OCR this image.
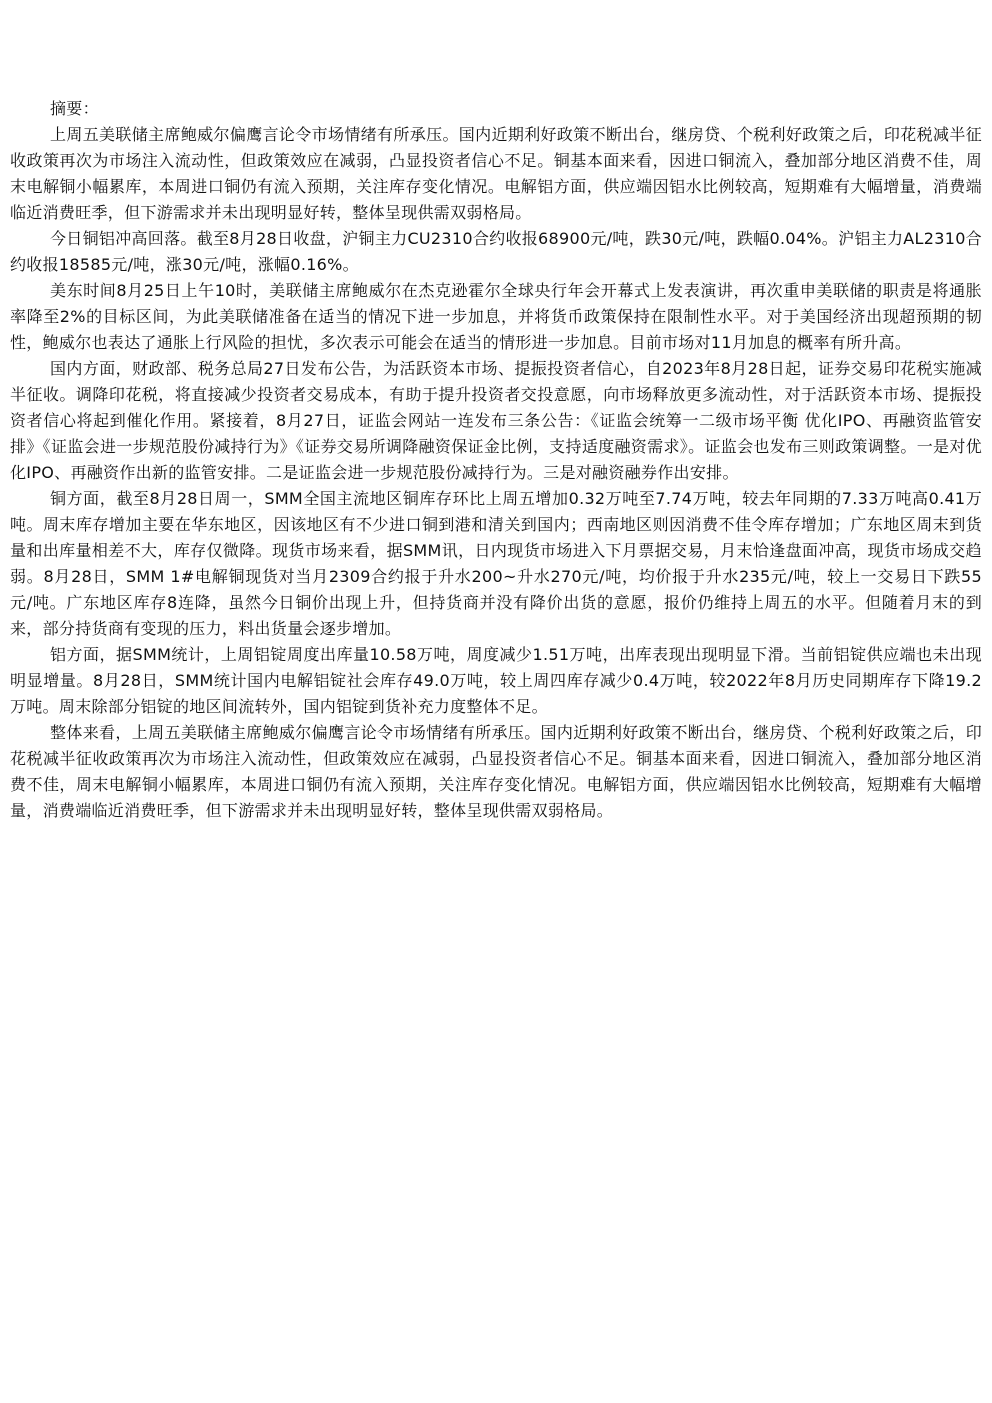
摘要：

上周五美联储主席鲍威尔偏鹰言论令市场情绪有所承压。国内近期利好政策不断出台，继房贷、个税利好政策之后，印花税减半征收政策再次为市场注入流动性，但政策效应在减弱，凸显投资者信心不足。铜基本面来看，因进口铜流入，叠加部分地区消费不佳，周末电解铜小幅累库，本周进口铜仍有流入预期，关注库存变化情况。电解铝方面，供应端因铝水比例较高，短期难有大幅增量，消费端临近消费旺季，但下游需求并未出现明显好转，整体呈现供需双弱格局。

今日铜铝冲高回落。截至8月28日收盘，沪铜主力CU2310合约收报68900元/吨，跌30元/吨，跌幅0.04%。沪铝主力AL2310合约收报18585元/吨，涨30元/吨，涨幅0.16%。

美东时间8月25日上午10时，美联储主席鲍威尔在杰克逊霍尔全球央行年会开幕式上发表演讲，再次重申美联储的职责是将通胀率降至2%的目标区间，为此美联储准备在适当的情况下进一步加息，并将货币政策保持在限制性水平。对于美国经济出现超预期的韧性，鲍威尔也表达了通胀上行风险的担忧，多次表示可能会在适当的情形进一步加息。目前市场对11月加息的概率有所升高。

国内方面，财政部、税务总局27日发布公告，为活跃资本市场、提振投资者信心，自2023年8月28日起，证券交易印花税实施减半征收。调降印花税，将直接减少投资者交易成本，有助于提升投资者交投意愿，向市场释放更多流动性，对于活跃资本市场、提振投资者信心将起到催化作用。紧接着，8月27日，证监会网站一连发布三条公告：《证监会统筹一二级市场平衡 优化IPO、再融资监管安排》《证监会进一步规范股份减持行为》《证券交易所调降融资保证金比例，支持适度融资需求》。证监会也发布三则政策调整。一是对优化IPO、再融资作出新的监管安排。二是证监会进一步规范股份减持行为。三是对融资融券作出安排。

铜方面，截至8月28日周一，SMM全国主流地区铜库存环比上周五增加0.32万吨至7.74万吨，较去年同期的7.33万吨高0.41万吨。周末库存增加主要在华东地区，因该地区有不少进口铜到港和清关到国内；西南地区则因消费不佳令库存增加；广东地区周末到货量和出库量相差不大，库存仅微降。现货市场来看，据SMM讯，日内现货市场进入下月票据交易，月末恰逢盘面冲高，现货市场成交趋弱。8月28日，SMM 1#电解铜现货对当月2309合约报于升水200~升水270元/吨，均价报于升水235元/吨，较上一交易日下跌55元/吨。广东地区库存8连降，虽然今日铜价出现上升，但持货商并没有降价出货的意愿，报价仍维持上周五的水平。但随着月末的到来，部分持货商有变现的压力，料出货量会逐步增加。

铝方面，据SMM统计，上周铝锭周度出库量10.58万吨，周度减少1.51万吨，出库表现出现明显下滑。当前铝锭供应端也未出现明显增量。8月28日，SMM统计国内电解铝锭社会库存49.0万吨，较上周四库存减少0.4万吨，较2022年8月历史同期库存下降19.2万吨。周末除部分铝锭的地区间流转外，国内铝锭到货补充力度整体不足。

整体来看，上周五美联储主席鲍威尔偏鹰言论令市场情绪有所承压。国内近期利好政策不断出台，继房贷、个税利好政策之后，印花税减半征收政策再次为市场注入流动性，但政策效应在减弱，凸显投资者信心不足。铜基本面来看，因进口铜流入，叠加部分地区消费不佳，周末电解铜小幅累库，本周进口铜仍有流入预期，关注库存变化情况。电解铝方面，供应端因铝水比例较高，短期难有大幅增量，消费端临近消费旺季，但下游需求并未出现明显好转，整体呈现供需双弱格局。
